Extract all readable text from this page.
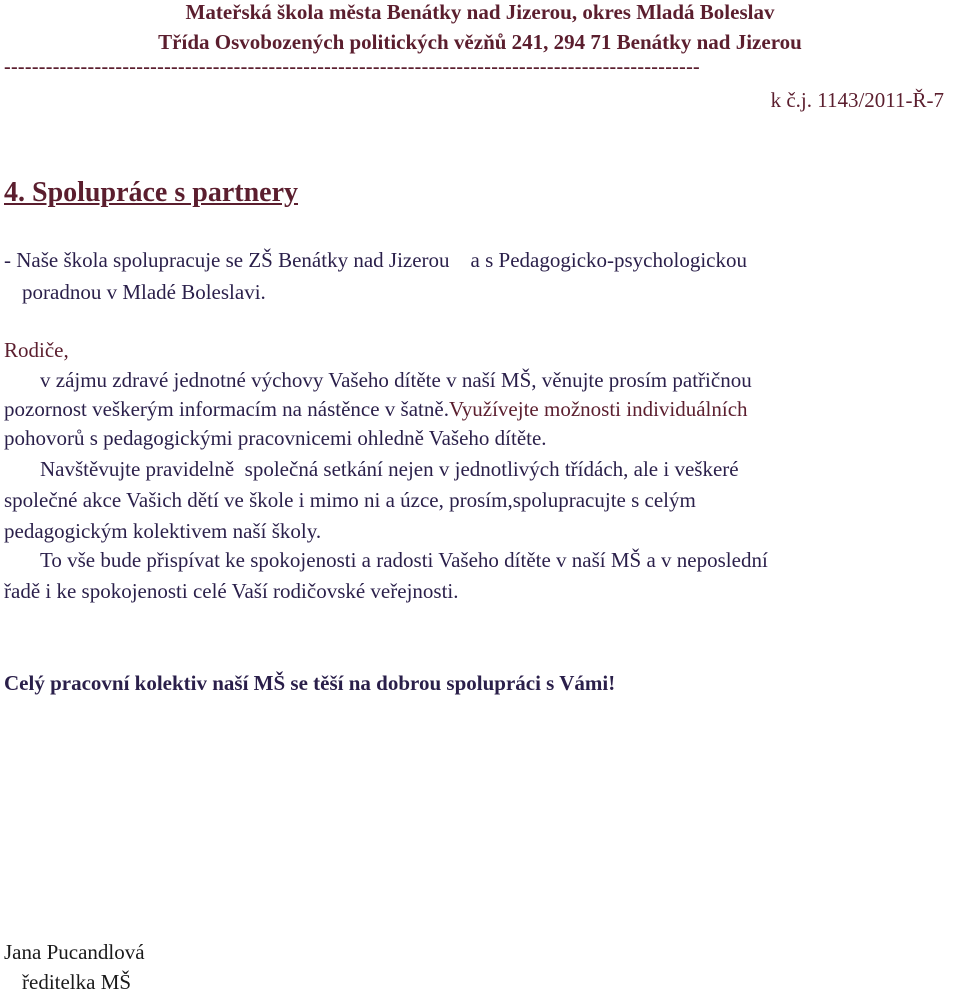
Mateřská škola města Benátky nad Jizerou, okres Mladá Boleslav

Třída Osvobozených politických vězňů 241, 294 71 Benátky nad Jizerou

----------------------------------------------------------------------------------------------------

k č.j. 1143/2011-Ř-7

4. Spolupráce s partnery

- Naše škola spolupracuje se ZŠ Benátky nad Jizerou    a s Pedagogicko-psychologickou

poradnou v Mladé Boleslavi.

Rodiče,

v zájmu zdravé jednotné výchovy Vašeho dítěte v naší MŠ, věnujte prosím patřičnou

pozornost veškerým informacím na nástěnce v šatně.Využívejte možnosti individuálních

pohovorů s pedagogickými pracovnicemi ohledně Vašeho dítěte.

Navštěvujte pravidelně  společná setkání nejen v jednotlivých třídách, ale i veškeré

společné akce Vašich dětí ve škole i mimo ni a úzce, prosím,spolupracujte s celým

pedagogickým kolektivem naší školy.

To vše bude přispívat ke spokojenosti a radosti Vašeho dítěte v naší MŠ a v neposlední

řadě i ke spokojenosti celé Vaší rodičovské veřejnosti.

Celý pracovní kolektiv naší MŠ se těší na dobrou spolupráci s Vámi!

Jana Pucandlová

ředitelka MŠ
